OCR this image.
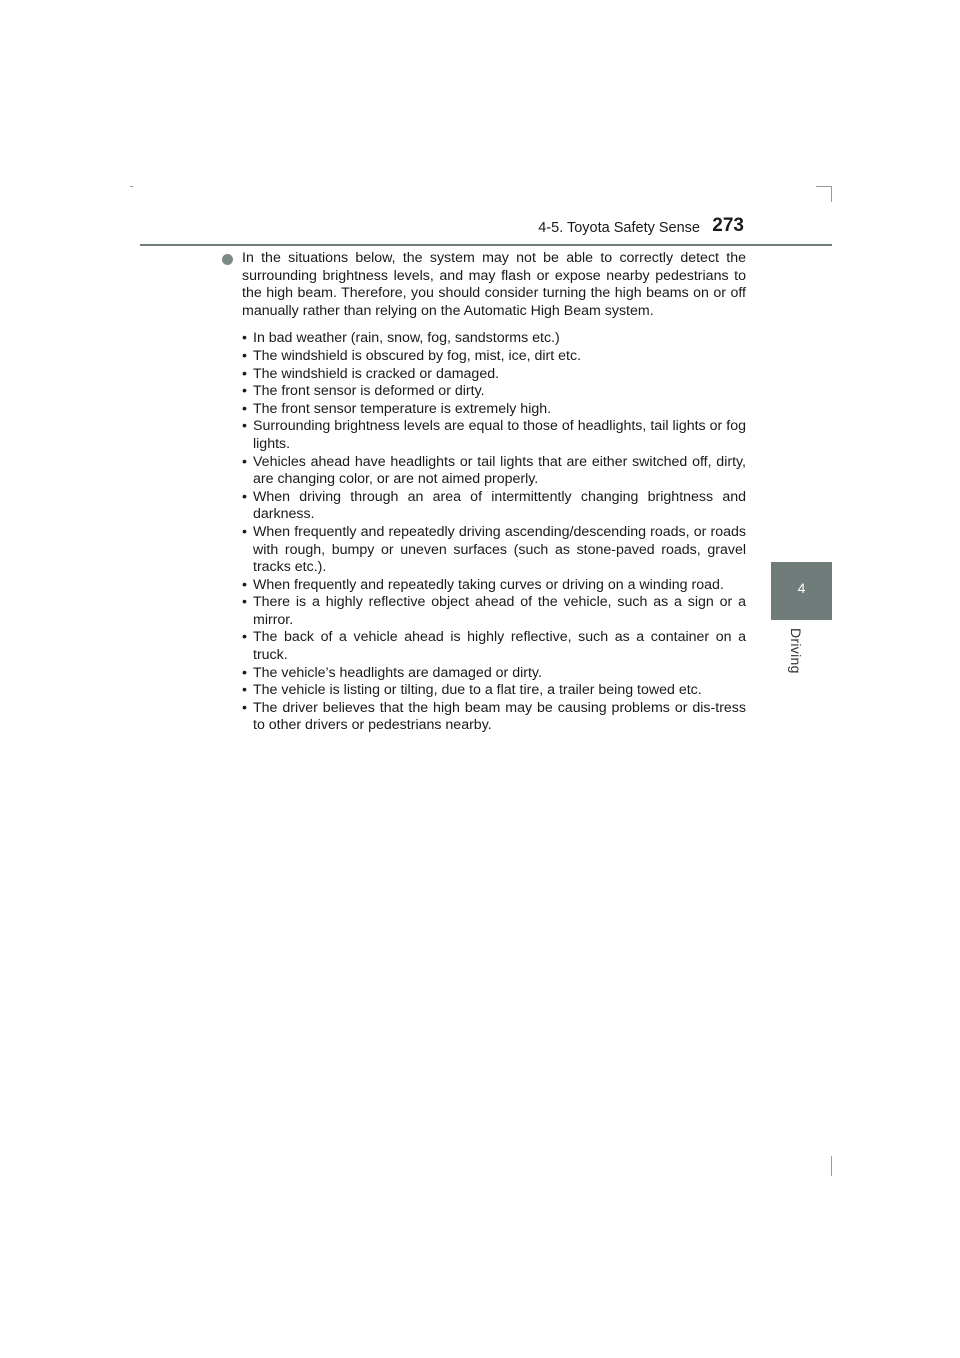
4-5. Toyota Safety Sense 273
4
Driving
In the situations below, the system may not be able to correctly detect the surrounding brightness levels, and may flash or expose nearby pedestrians to the high beam. Therefore, you should consider turning the high beams on or off manually rather than relying on the Automatic High Beam system.
• In bad weather (rain, snow, fog, sandstorms etc.)
• The windshield is obscured by fog, mist, ice, dirt etc.
• The windshield is cracked or damaged.
• The front sensor is deformed or dirty.
• The front sensor temperature is extremely high.
• Surrounding brightness levels are equal to those of headlights, tail lights or fog lights.
• Vehicles ahead have headlights or tail lights that are either switched off, dirty, are changing color, or are not aimed properly.
• When driving through an area of intermittently changing brightness and darkness.
• When frequently and repeatedly driving ascending/descending roads, or roads with rough, bumpy or uneven surfaces (such as stone-paved roads, gravel tracks etc.).
• When frequently and repeatedly taking curves or driving on a winding road.
• There is a highly reflective object ahead of the vehicle, such as a sign or a mirror.
• The back of a vehicle ahead is highly reflective, such as a container on a truck.
• The vehicle’s headlights are damaged or dirty.
• The vehicle is listing or tilting, due to a flat tire, a trailer being towed etc.
• The driver believes that the high beam may be causing problems or dis-tress to other drivers or pedestrians nearby.
